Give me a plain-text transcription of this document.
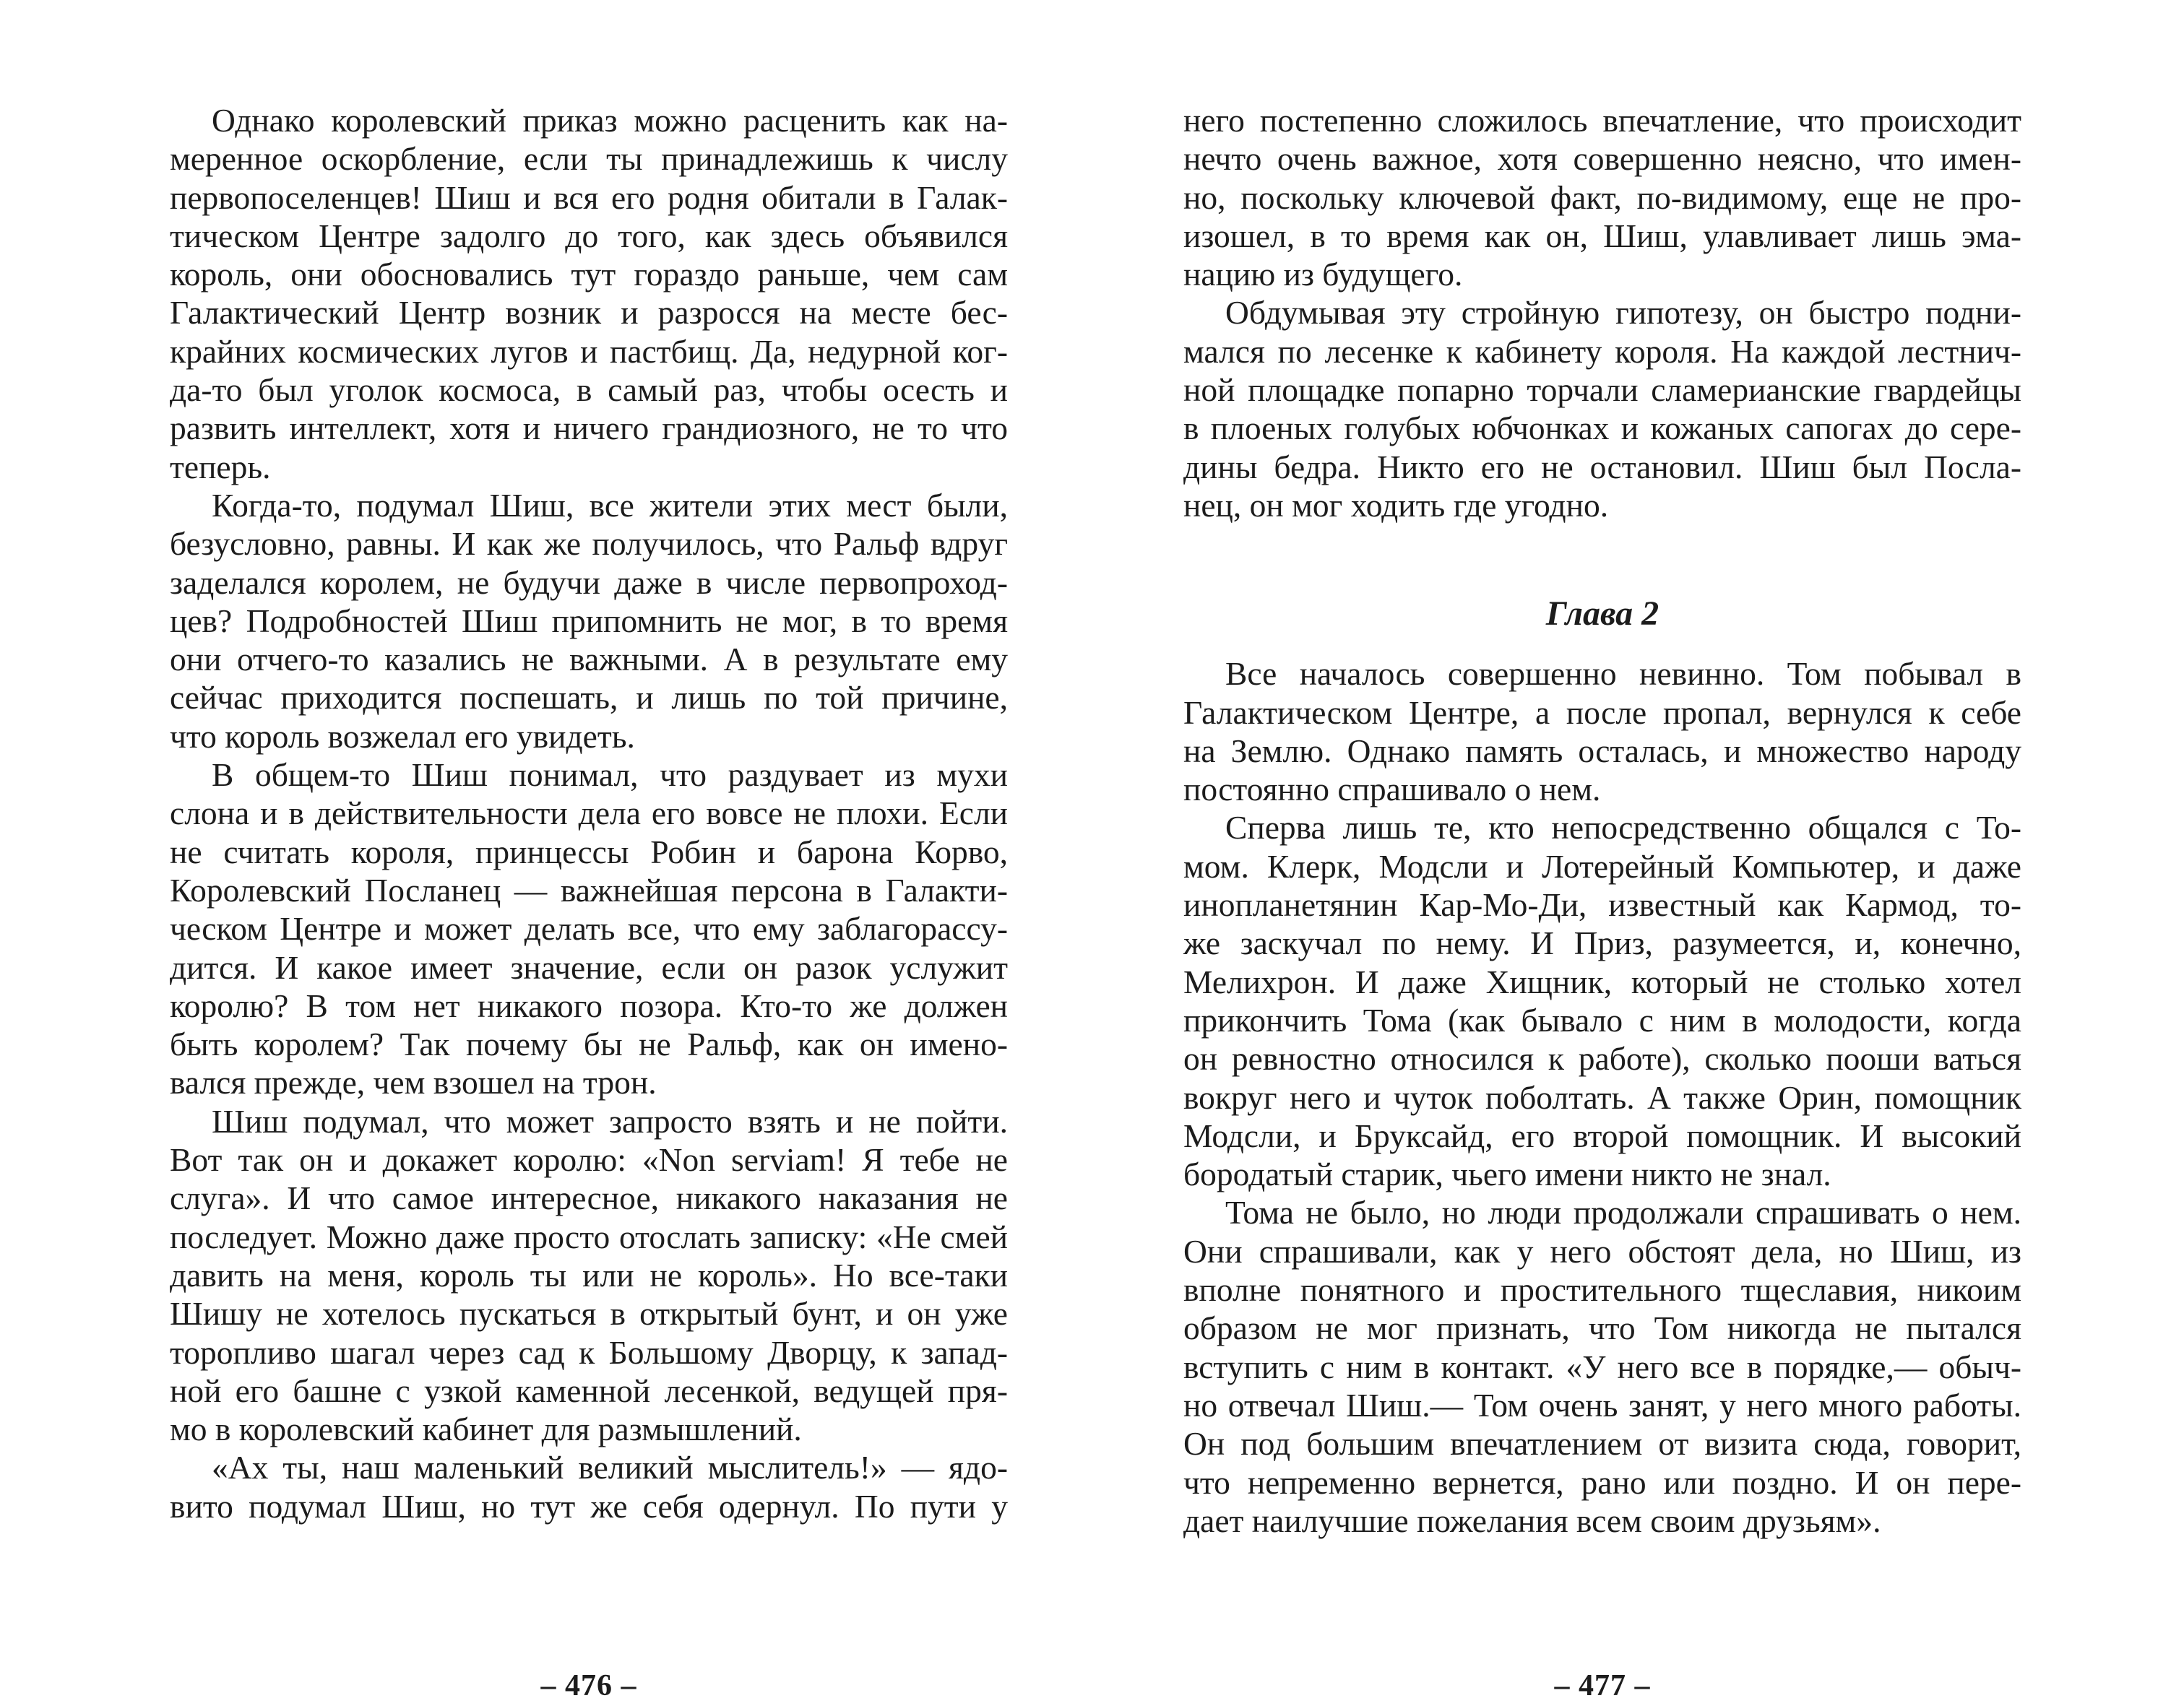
Однако королевский приказ можно расценить как на-
меренное оскорбление, если ты принадлежишь к числу
первопоселенцев! Шиш и вся его родня обитали в Галак-
тическом Центре задолго до того, как здесь объявился
король, они обосновались тут гораздо раньше, чем сам
Галактический Центр возник и разросся на месте бес-
крайних космических лугов и пастбищ. Да, недурной ког-
да-то был уголок космоса, в самый раз, чтобы осесть и
развить интеллект, хотя и ничего грандиозного, не то что
теперь.
Когда-то, подумал Шиш, все жители этих мест были,
безусловно, равны. И как же получилось, что Ральф вдруг
заделался королем, не будучи даже в числе первопроход-
цев? Подробностей Шиш припомнить не мог, в то время
они отчего-то казались не важными. А в результате ему
сейчас приходится поспешать, и лишь по той причине,
что король возжелал его увидеть.
В общем-то Шиш понимал, что раздувает из мухи
слона и в действительности дела его вовсе не плохи. Если
не считать короля, принцессы Робин и барона Корво,
Королевский Посланец — важнейшая персона в Галакти-
ческом Центре и может делать все, что ему заблагорассу-
дится. И какое имеет значение, если он разок услужит
королю? В том нет никакого позора. Кто-то же должен
быть королем? Так почему бы не Ральф, как он имено-
вался прежде, чем взошел на трон.
Шиш подумал, что может запросто взять и не пойти.
Вот так он и докажет королю: «Non serviam! Я тебе не
слуга». И что самое интересное, никакого наказания не
последует. Можно даже просто отослать записку: «Не смей
давить на меня, король ты или не король». Но все-таки
Шишу не хотелось пускаться в открытый бунт, и он уже
торопливо шагал через сад к Большому Дворцу, к запад-
ной его башне с узкой каменной лесенкой, ведущей пря-
мо в королевский кабинет для размышлений.
«Ах ты, наш маленький великий мыслитель!» — ядо-
вито подумал Шиш, но тут же себя одернул. По пути у
– 476 –
него постепенно сложилось впечатление, что происходит
нечто очень важное, хотя совершенно неясно, что имен-
но, поскольку ключевой факт, по-видимому, еще не про-
изошел, в то время как он, Шиш, улавливает лишь эма-
нацию из будущего.
Обдумывая эту стройную гипотезу, он быстро подни-
мался по лесенке к кабинету короля. На каждой лестнич-
ной площадке попарно торчали сламерианские гвардейцы
в плоеных голубых юбчонках и кожаных сапогах до сере-
дины бедра. Никто его не остановил. Шиш был Посла-
нец, он мог ходить где угодно.
Глава 2
Все началось совершенно невинно. Том побывал в
Галактическом Центре, а после пропал, вернулся к себе
на Землю. Однако память осталась, и множество народу
постоянно спрашивало о нем.
Сперва лишь те, кто непосредственно общался с То-
мом. Клерк, Модсли и Лотерейный Компьютер, и даже
инопланетянин Кар-Мо-Ди, известный как Кармод, то-
же заскучал по нему. И Приз, разумеется, и, конечно,
Мелихрон. И даже Хищник, который не столько хотел
прикончить Тома (как бывало с ним в молодости, когда
он ревностно относился к работе), сколько пооши ваться
вокруг него и чуток поболтать. А также Орин, помощник
Модсли, и Бруксайд, его второй помощник. И высокий
бородатый старик, чьего имени никто не знал.
Тома не было, но люди продолжали спрашивать о нем.
Они спрашивали, как у него обстоят дела, но Шиш, из
вполне понятного и простительного тщеславия, никоим
образом не мог признать, что Том никогда не пытался
вступить с ним в контакт. «У него все в порядке,— обыч-
но отвечал Шиш.— Том очень занят, у него много работы.
Он под большим впечатлением от визита сюда, говорит,
что непременно вернется, рано или поздно. И он пере-
дает наилучшие пожелания всем своим друзьям».
– 477 –
